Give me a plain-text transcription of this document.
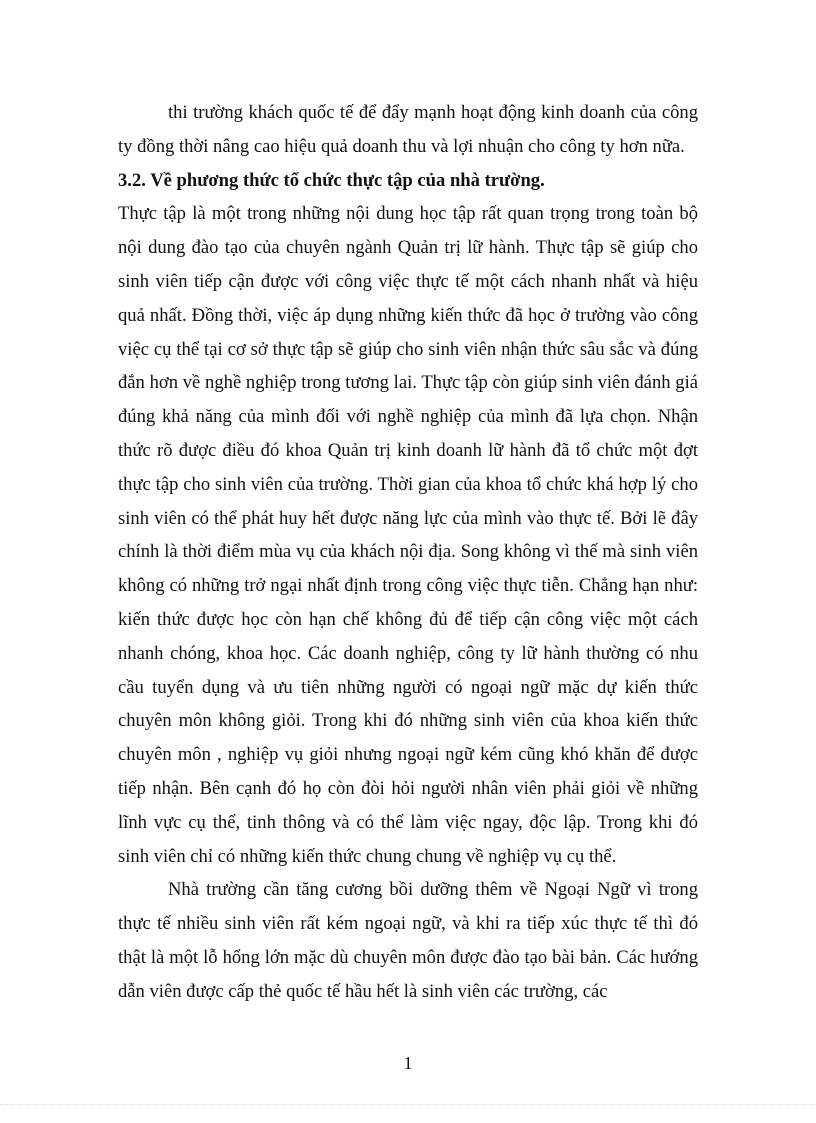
thi trường khách quốc tế để đẩy mạnh hoạt động kinh doanh của công ty đồng thời nâng cao hiệu quả doanh thu và lợi nhuận cho công ty hơn nữa.

3.2. Về phương thức tổ chức thực tập của nhà trường.

Thực tập là một trong những nội dung học tập rất quan trọng trong toàn bộ nội dung đào tạo của chuyên ngành Quản trị lữ hành. Thực tập sẽ giúp cho sinh viên tiếp cận được với công việc thực tế một cách nhanh nhất và hiệu quả nhất. Đồng thời, việc áp dụng những kiến thức đã học ở trường vào công việc cụ thể tại cơ sở thực tập sẽ giúp cho sinh viên nhận thức sâu sắc và đúng đắn hơn về nghề nghiệp trong tương lai. Thực tập còn giúp sinh viên đánh giá đúng khả năng của mình đối với nghề nghiệp của mình đã lựa chọn. Nhận thức rõ được điều đó khoa Quản trị kinh doanh lữ hành đã tổ chức một đợt thực tập cho sinh viên của trường. Thời gian của khoa tổ chức khá hợp lý cho sinh viên có thể phát huy hết được năng lực của mình vào thực tế. Bởi lẽ đây chính là thời điểm mùa vụ của khách nội địa. Song không vì thế mà sinh viên không có những trở ngại nhất định trong công việc thực tiễn. Chẳng hạn như: kiến thức được học còn hạn chế không đủ để tiếp cận công việc một cách nhanh chóng, khoa học. Các doanh nghiệp, công ty lữ hành thường có nhu cầu tuyển dụng và ưu tiên những người có ngoại ngữ mặc dự kiến thức chuyên môn không giỏi. Trong khi đó những sinh viên của khoa kiến thức chuyên môn , nghiệp vụ giỏi nhưng ngoại ngữ kém cũng khó khăn để được tiếp nhận. Bên cạnh đó họ còn đòi hỏi người nhân viên phải giỏi về những lĩnh vực cụ thể, tinh thông và có thể làm việc ngay, độc lập. Trong khi đó sinh viên chỉ có những kiến thức chung chung về nghiệp vụ cụ thể.

Nhà trường cần tăng cương bồi dưỡng thêm về Ngoại Ngữ vì trong thực tế nhiều sinh viên rất kém ngoại ngữ, và khi ra tiếp xúc thực tế thì đó thật là một lỗ hổng lớn mặc dù chuyên môn được đào tạo bài bản. Các hướng dẫn viên được cấp thẻ quốc tế hầu hết là sinh viên các trường, các

1
